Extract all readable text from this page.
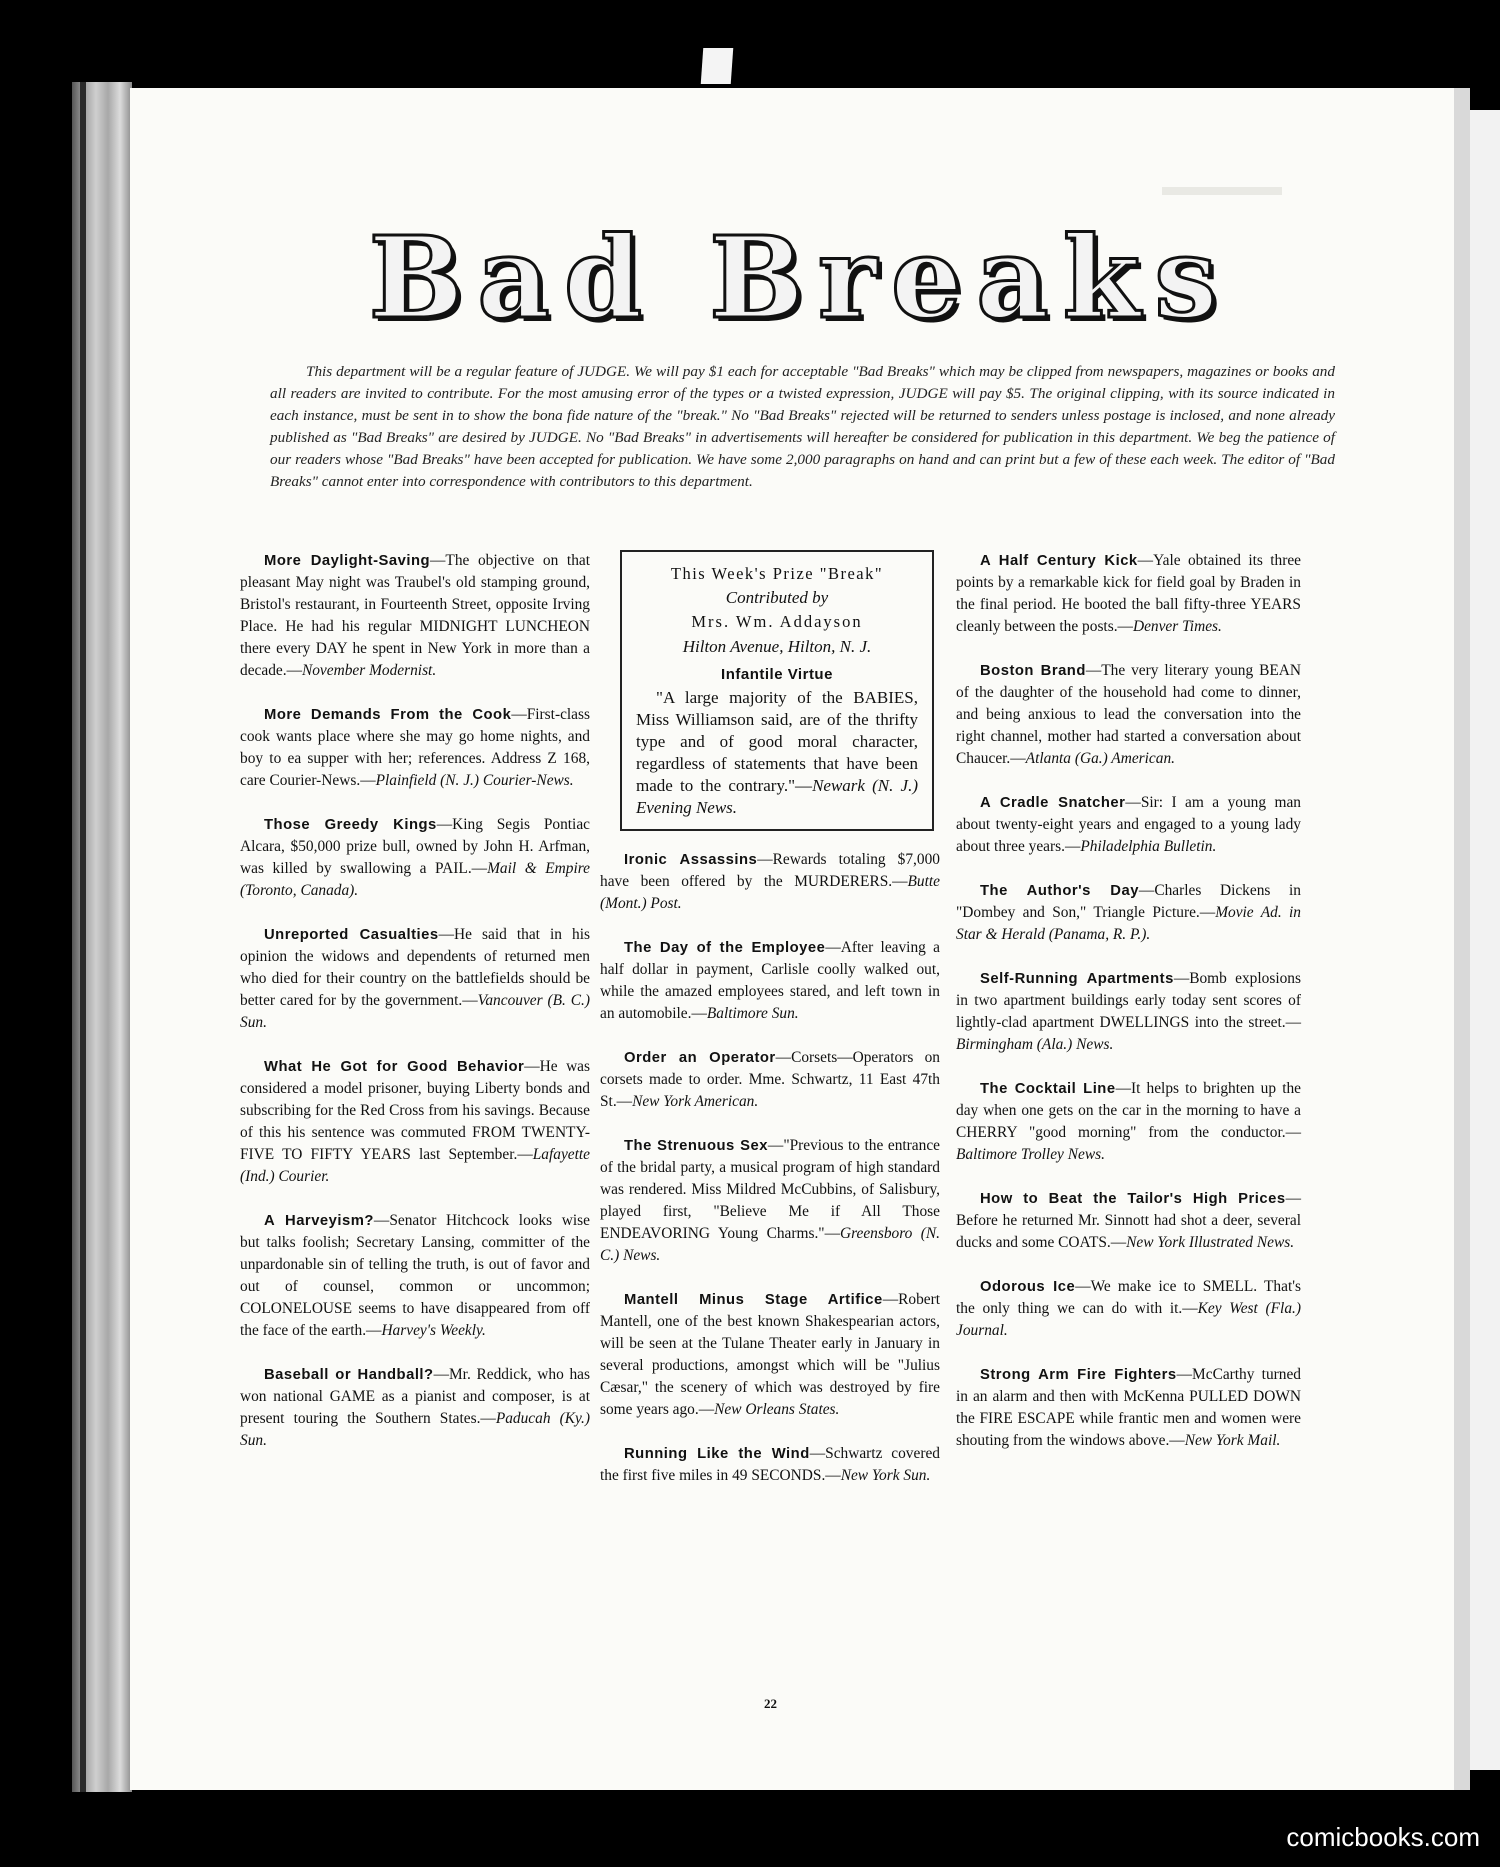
Bad Breaks

This department will be a regular feature of JUDGE. We will pay $1 each for acceptable "Bad Breaks" which may be clipped from newspapers, magazines or books and all readers are invited to contribute. For the most amusing error of the types or a twisted expression, JUDGE will pay $5. The original clipping, with its source indicated in each instance, must be sent in to show the bona fide nature of the "break." No "Bad Breaks" rejected will be returned to senders unless postage is inclosed, and none already published as "Bad Breaks" are desired by JUDGE. No "Bad Breaks" in advertisements will hereafter be considered for publication in this department. We beg the patience of our readers whose "Bad Breaks" have been accepted for publication. We have some 2,000 paragraphs on hand and can print but a few of these each week. The editor of "Bad Breaks" cannot enter into correspondence with contributors to this department.

More Daylight-Saving—The objective on that pleasant May night was Traubel's old stamping ground, Bristol's restaurant, in Fourteenth Street, opposite Irving Place. He had his regular MIDNIGHT LUNCHEON there every DAY he spent in New York in more than a decade.—November Modernist.

More Demands From the Cook—First-class cook wants place where she may go home nights, and boy to ea supper with her; references. Address Z 168, care Courier-News.—Plainfield (N. J.) Courier-News.

Those Greedy Kings—King Segis Pontiac Alcara, $50,000 prize bull, owned by John H. Arfman, was killed by swallowing a PAIL.—Mail & Empire (Toronto, Canada).

Unreported Casualties—He said that in his opinion the widows and dependents of returned men who died for their country on the battlefields should be better cared for by the government.—Vancouver (B. C.) Sun.

What He Got for Good Behavior—He was considered a model prisoner, buying Liberty bonds and subscribing for the Red Cross from his savings. Because of this his sentence was commuted FROM TWENTY-FIVE TO FIFTY YEARS last September.—Lafayette (Ind.) Courier.

A Harveyism?—Senator Hitchcock looks wise but talks foolish; Secretary Lansing, committer of the unpardonable sin of telling the truth, is out of favor and out of counsel, common or uncommon; COLONELOUSE seems to have disappeared from off the face of the earth.—Harvey's Weekly.

Baseball or Handball?—Mr. Reddick, who has won national GAME as a pianist and composer, is at present touring the Southern States.—Paducah (Ky.) Sun.

This Week's Prize "Break"
Contributed by
Mrs. Wm. Addayson
Hilton Avenue, Hilton, N. J.
Infantile Virtue

"A large majority of the BABIES, Miss Williamson said, are of the thrifty type and of good moral character, regardless of statements that have been made to the contrary."—Newark (N. J.) Evening News.

Ironic Assassins—Rewards totaling $7,000 have been offered by the MURDERERS.—Butte (Mont.) Post.

The Day of the Employee—After leaving a half dollar in payment, Carlisle coolly walked out, while the amazed employees stared, and left town in an automobile.—Baltimore Sun.

Order an Operator—Corsets—Operators on corsets made to order. Mme. Schwartz, 11 East 47th St.—New York American.

The Strenuous Sex—"Previous to the entrance of the bridal party, a musical program of high standard was rendered. Miss Mildred McCubbins, of Salisbury, played first, "Believe Me if All Those ENDEAVORING Young Charms."—Greensboro (N. C.) News.

Mantell Minus Stage Artifice—Robert Mantell, one of the best known Shakespearian actors, will be seen at the Tulane Theater early in January in several productions, amongst which will be "Julius Cæsar," the scenery of which was destroyed by fire some years ago.—New Orleans States.

Running Like the Wind—Schwartz covered the first five miles in 49 SECONDS.—New York Sun.

A Half Century Kick—Yale obtained its three points by a remarkable kick for field goal by Braden in the final period. He booted the ball fifty-three YEARS cleanly between the posts.—Denver Times.

Boston Brand—The very literary young BEAN of the daughter of the household had come to dinner, and being anxious to lead the conversation into the right channel, mother had started a conversation about Chaucer.—Atlanta (Ga.) American.

A Cradle Snatcher—Sir: I am a young man about twenty-eight years and engaged to a young lady about three years.—Philadelphia Bulletin.

The Author's Day—Charles Dickens in "Dombey and Son," Triangle Picture.—Movie Ad. in Star & Herald (Panama, R. P.).

Self-Running Apartments—Bomb explosions in two apartment buildings early today sent scores of lightly-clad apartment DWELLINGS into the street.—Birmingham (Ala.) News.

The Cocktail Line—It helps to brighten up the day when one gets on the car in the morning to have a CHERRY "good morning" from the conductor.—Baltimore Trolley News.

How to Beat the Tailor's High Prices—Before he returned Mr. Sinnott had shot a deer, several ducks and some COATS.—New York Illustrated News.

Odorous Ice—We make ice to SMELL. That's the only thing we can do with it.—Key West (Fla.) Journal.

Strong Arm Fire Fighters—McCarthy turned in an alarm and then with McKenna PULLED DOWN the FIRE ESCAPE while frantic men and women were shouting from the windows above.—New York Mail.

22
comicbooks.com
